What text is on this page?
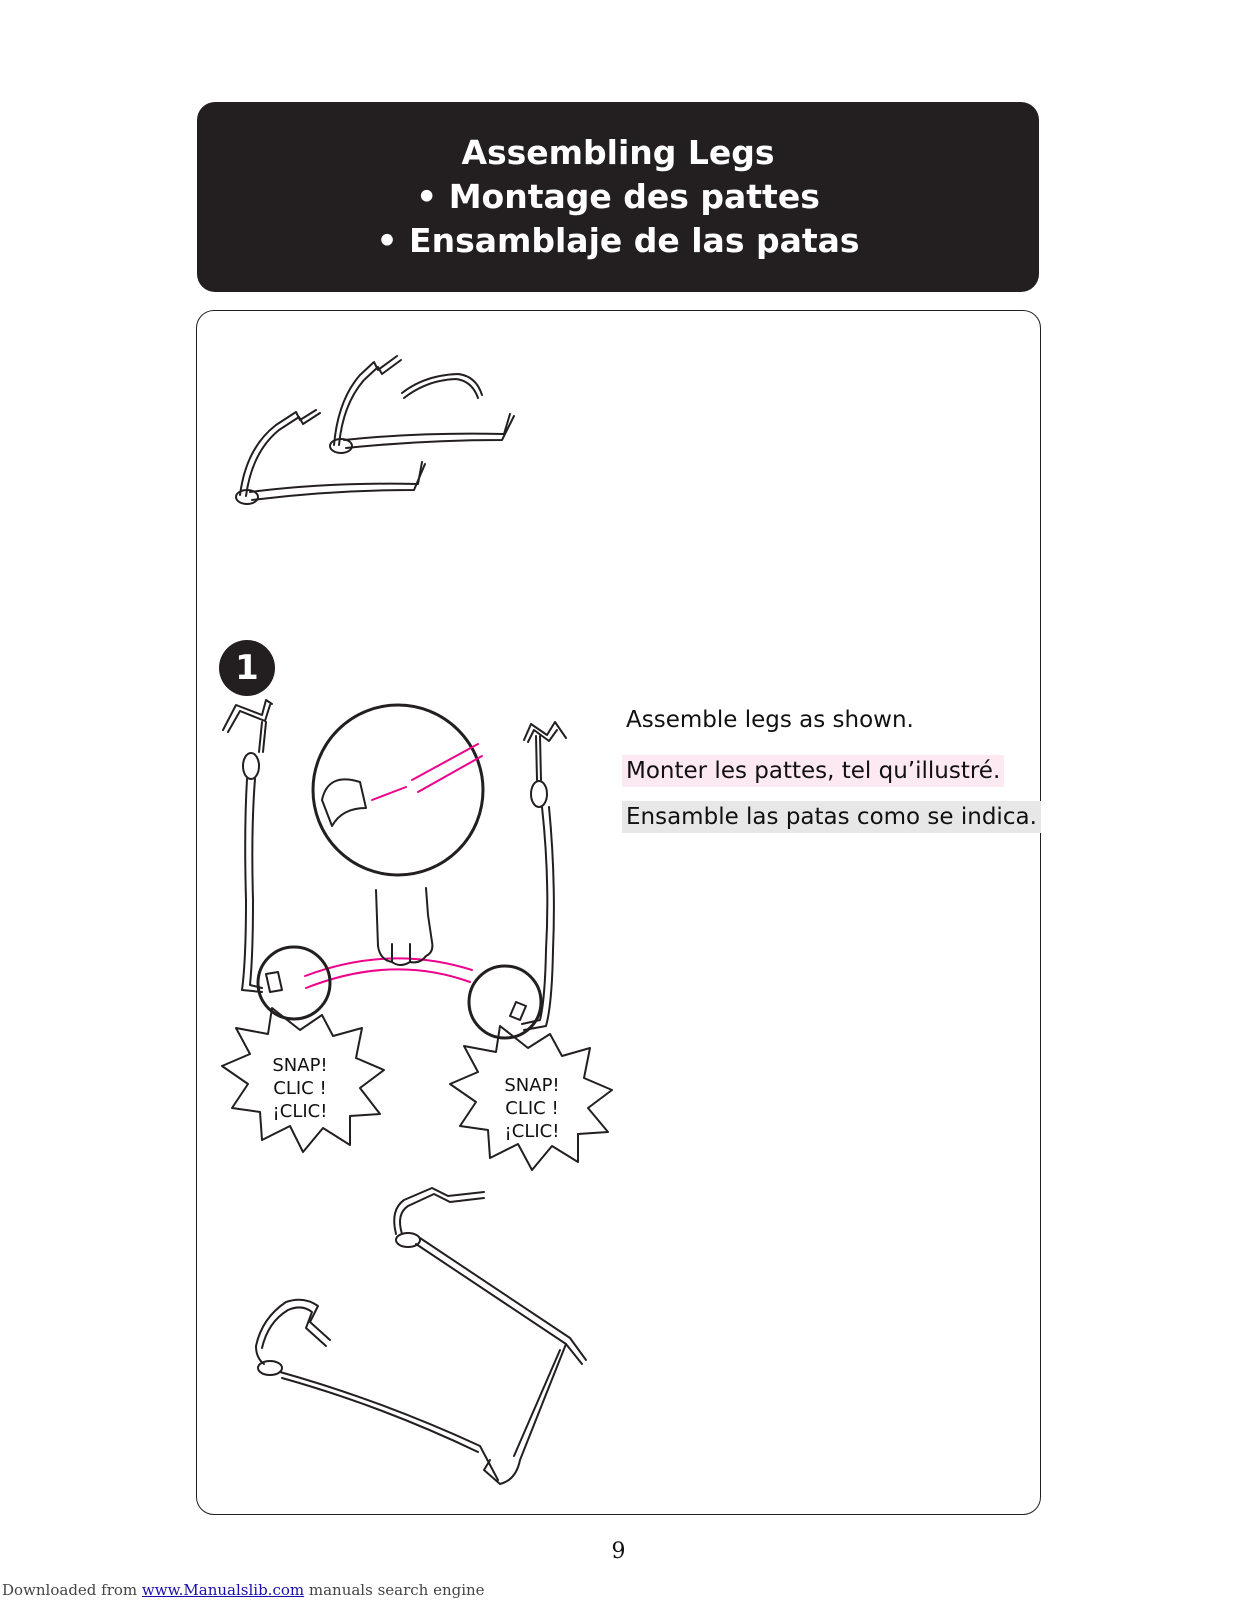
Assembling Legs
• Montage des pattes
• Ensamblaje de las patas
1
Assemble legs as shown.
Monter les pattes, tel qu’illustré.
Ensamble las patas como se indica.
SNAP!
CLIC !
¡CLIC!
SNAP!
CLIC !
¡CLIC!
9
Downloaded from www.Manualslib.com manuals search engine
